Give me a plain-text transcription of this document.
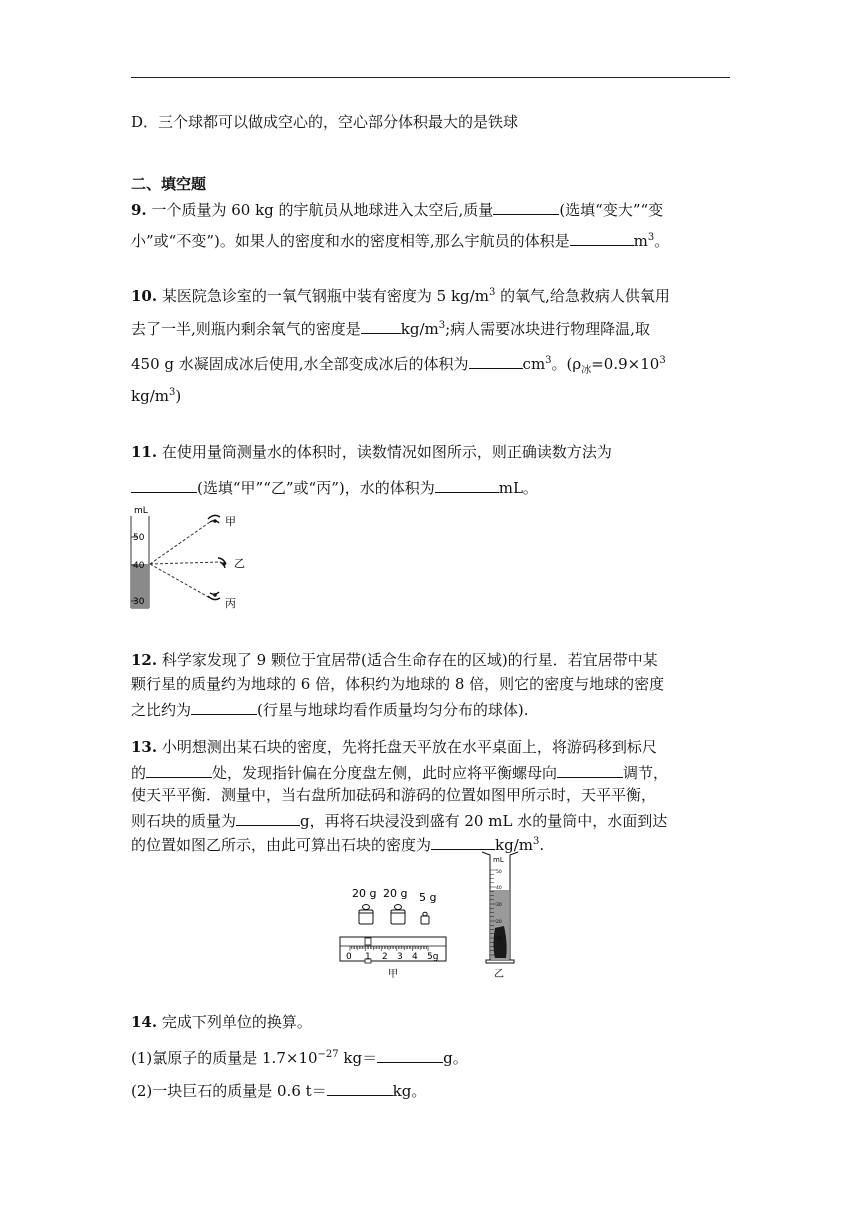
D．三个球都可以做成空心的，空心部分体积最大的是铁球
二、填空题
9. 一个质量为 60 kg 的宇航员从地球进入太空后,质量	(选填“变大”“变
小”或“不变”)。如果人的密度和水的密度相等,那么宇航员的体积是	$m^3$。
10. 某医院急诊室的一氧气钢瓶中装有密度为 5 $kg/m^3$ 的氧气,给急救病人供氧用
去了一半,则瓶内剩余氧气的密度是	$kg/m^3$;病人需要冰块进行物理降温,取
450 g 水凝固成冰后使用,水全部变成冰后的体积为	$cm^3$。($\rho_冰=0.9\times 10^3$
$kg/m^3$)
11. 在使用量筒测量水的体积时，读数情况如图所示，则正确读数方法为
(选填“甲”“乙”或“丙”)，水的体积为	mL。
mL
50
40
30
甲
乙
丙
12. 科学家发现了 9 颗位于宜居带(适合生命存在的区域)的行星．若宜居带中某
颗行星的质量约为地球的 6 倍，体积约为地球的 8 倍，则它的密度与地球的密度
之比约为	(行星与地球均看作质量均匀分布的球体).
13. 小明想测出某石块的密度，先将托盘天平放在水平桌面上，将游码移到标尺
的	处，发现指针偏在分度盘左侧，此时应将平衡螺母向	调节，
使天平平衡．测量中，当右盘所加砝码和游码的位置如图甲所示时，天平平衡，
则石块的质量为	g，再将石块浸没到盛有 20 mL 水的量筒中，水面到达
的位置如图乙所示，由此可算出石块的密度为	$kg/m^3$.
20 g 20 g 5 g
0 1 2 3 4 5g
甲
mL
50
40
30
20
10
乙
14. 完成下列单位的换算。
(1)氯原子的质量是 $1.7\times 10^{-27}$ kg＝	g。
(2)一块巨石的质量是 0.6 t＝	kg。
